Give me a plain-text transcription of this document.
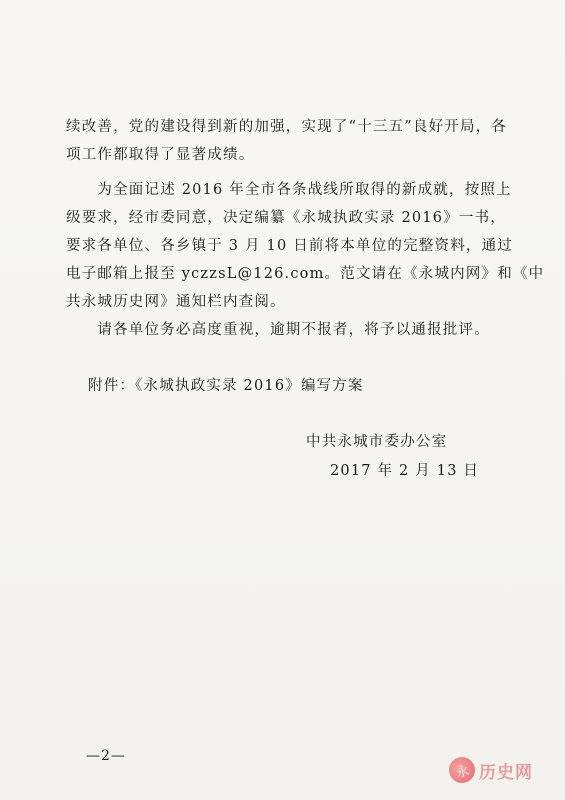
续改善，党的建设得到新的加强，实现了“十三五”良好开局，各
项工作都取得了显著成绩。
　　为全面记述 2016 年全市各条战线所取得的新成就，按照上
级要求，经市委同意，决定编纂《永城执政实录 2016》一书，
要求各单位、各乡镇于 3 月 10 日前将本单位的完整资料，通过
电子邮箱上报至 yczzsL@126.com。范文请在《永城内网》和《中
共永城历史网》通知栏内查阅。
　　请各单位务必高度重视，逾期不报者，将予以通报批评。
附件：《永城执政实录 2016》编写方案
中共永城市委办公室
2017 年 2 月 13 日
—2—
永 历史网
